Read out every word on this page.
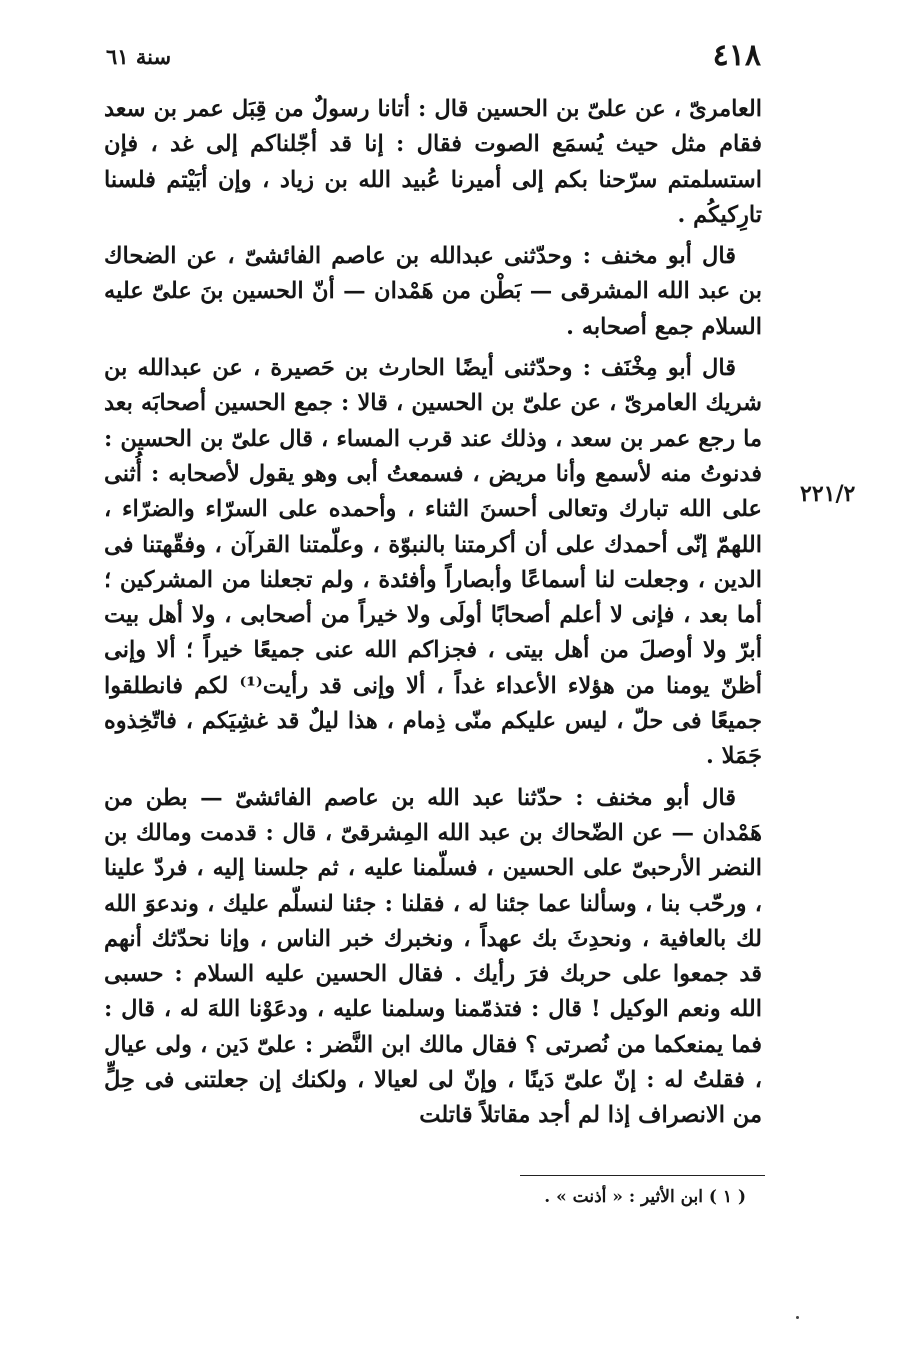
٤١٨
سنة ٦١
٢٢١/٢

العامرىّ ، عن علىّ بن الحسين قال : أتانا رسولٌ من قِبَل عمر بن سعد فقام مثل حيث يُسمَع الصوت فقال : إنا قد أجّلناكم إلى غد ، فإن استسلمتم سرّحنا بكم إلى أميرنا عُبيد الله بن زياد ، وإن أبَيْتم فلسنا تارِكيكُم .

قال أبو مخنف : وحدّثنى عبدالله بن عاصم الفائشىّ ، عن الضحاك بن عبد الله المشرقى — بَطْن من هَمْدان — أنّ الحسين بنَ علىّ عليه السلام جمع أصحابه .

قال أبو مِخْنَف : وحدّثنى أيضًا الحارث بن حَصيرة ، عن عبدالله بن شريك العامرىّ ، عن علىّ بن الحسين ، قالا : جمع الحسين أصحابَه بعد ما رجع عمر بن سعد ، وذلك عند قرب المساء ، قال علىّ بن الحسين : فدنوتُ منه لأسمع وأنا مريض ، فسمعتُ أبى وهو يقول لأصحابه : أُثنى على الله تبارك وتعالى أحسنَ الثناء ، وأحمده على السرّاء والضرّاء ، اللهمّ إنّى أحمدك على أن أكرمتنا بالنبوّة ، وعلّمتنا القرآن ، وفقّهتنا فى الدين ، وجعلت لنا أسماعًا وأبصاراً وأفئدة ، ولم تجعلنا من المشركين ؛ أما بعد ، فإنى لا أعلم أصحابًا أولَى ولا خيراً من أصحابى ، ولا أهل بيت أبرّ ولا أوصلَ من أهل بيتى ، فجزاكم الله عنى جميعًا خيراً ؛ ألا وإنى أظنّ يومنا من هؤلاء الأعداء غداً ، ألا وإنى قد رأيت⁽¹⁾ لكم فانطلقوا جميعًا فى حلّ ، ليس عليكم منّى ذِمام ، هذا ليلٌ قد غشِيَكم ، فاتّخِذوه جَمَلا .

قال أبو مخنف : حدّثنا عبد الله بن عاصم الفائشىّ — بطن من هَمْدان — عن الضّحاك بن عبد الله المِشرقىّ ، قال : قدمت ومالك بن النضر الأرحبىّ على الحسين ، فسلّمنا عليه ، ثم جلسنا إليه ، فردّ علينا ، ورحّب بنا ، وسألنا عما جئنا له ، فقلنا : جئنا لنسلّم عليك ، وندعوَ الله لك بالعافية ، ونحدِثَ بك عهداً ، ونخبرك خبر الناس ، وإنا نحدّثك أنهم قد جمعوا على حربك فرَ رأيك . فقال الحسين عليه السلام : حسبى الله ونعم الوكيل ! قال : فتذمّمنا وسلمنا عليه ، ودعَوْنا اللهَ له ، قال : فما يمنعكما من نُصرتى ؟ فقال مالك ابن النَّضر : علىّ دَين ، ولى عيال ، فقلتُ له : إنّ علىّ دَينًا ، وإنّ لى لعيالا ، ولكنك إن جعلتنى فى حِلٍّ من الانصراف إذا لم أجد مقاتلاً قاتلت

( ١ ) ابن الأثير : « أذنت » .
